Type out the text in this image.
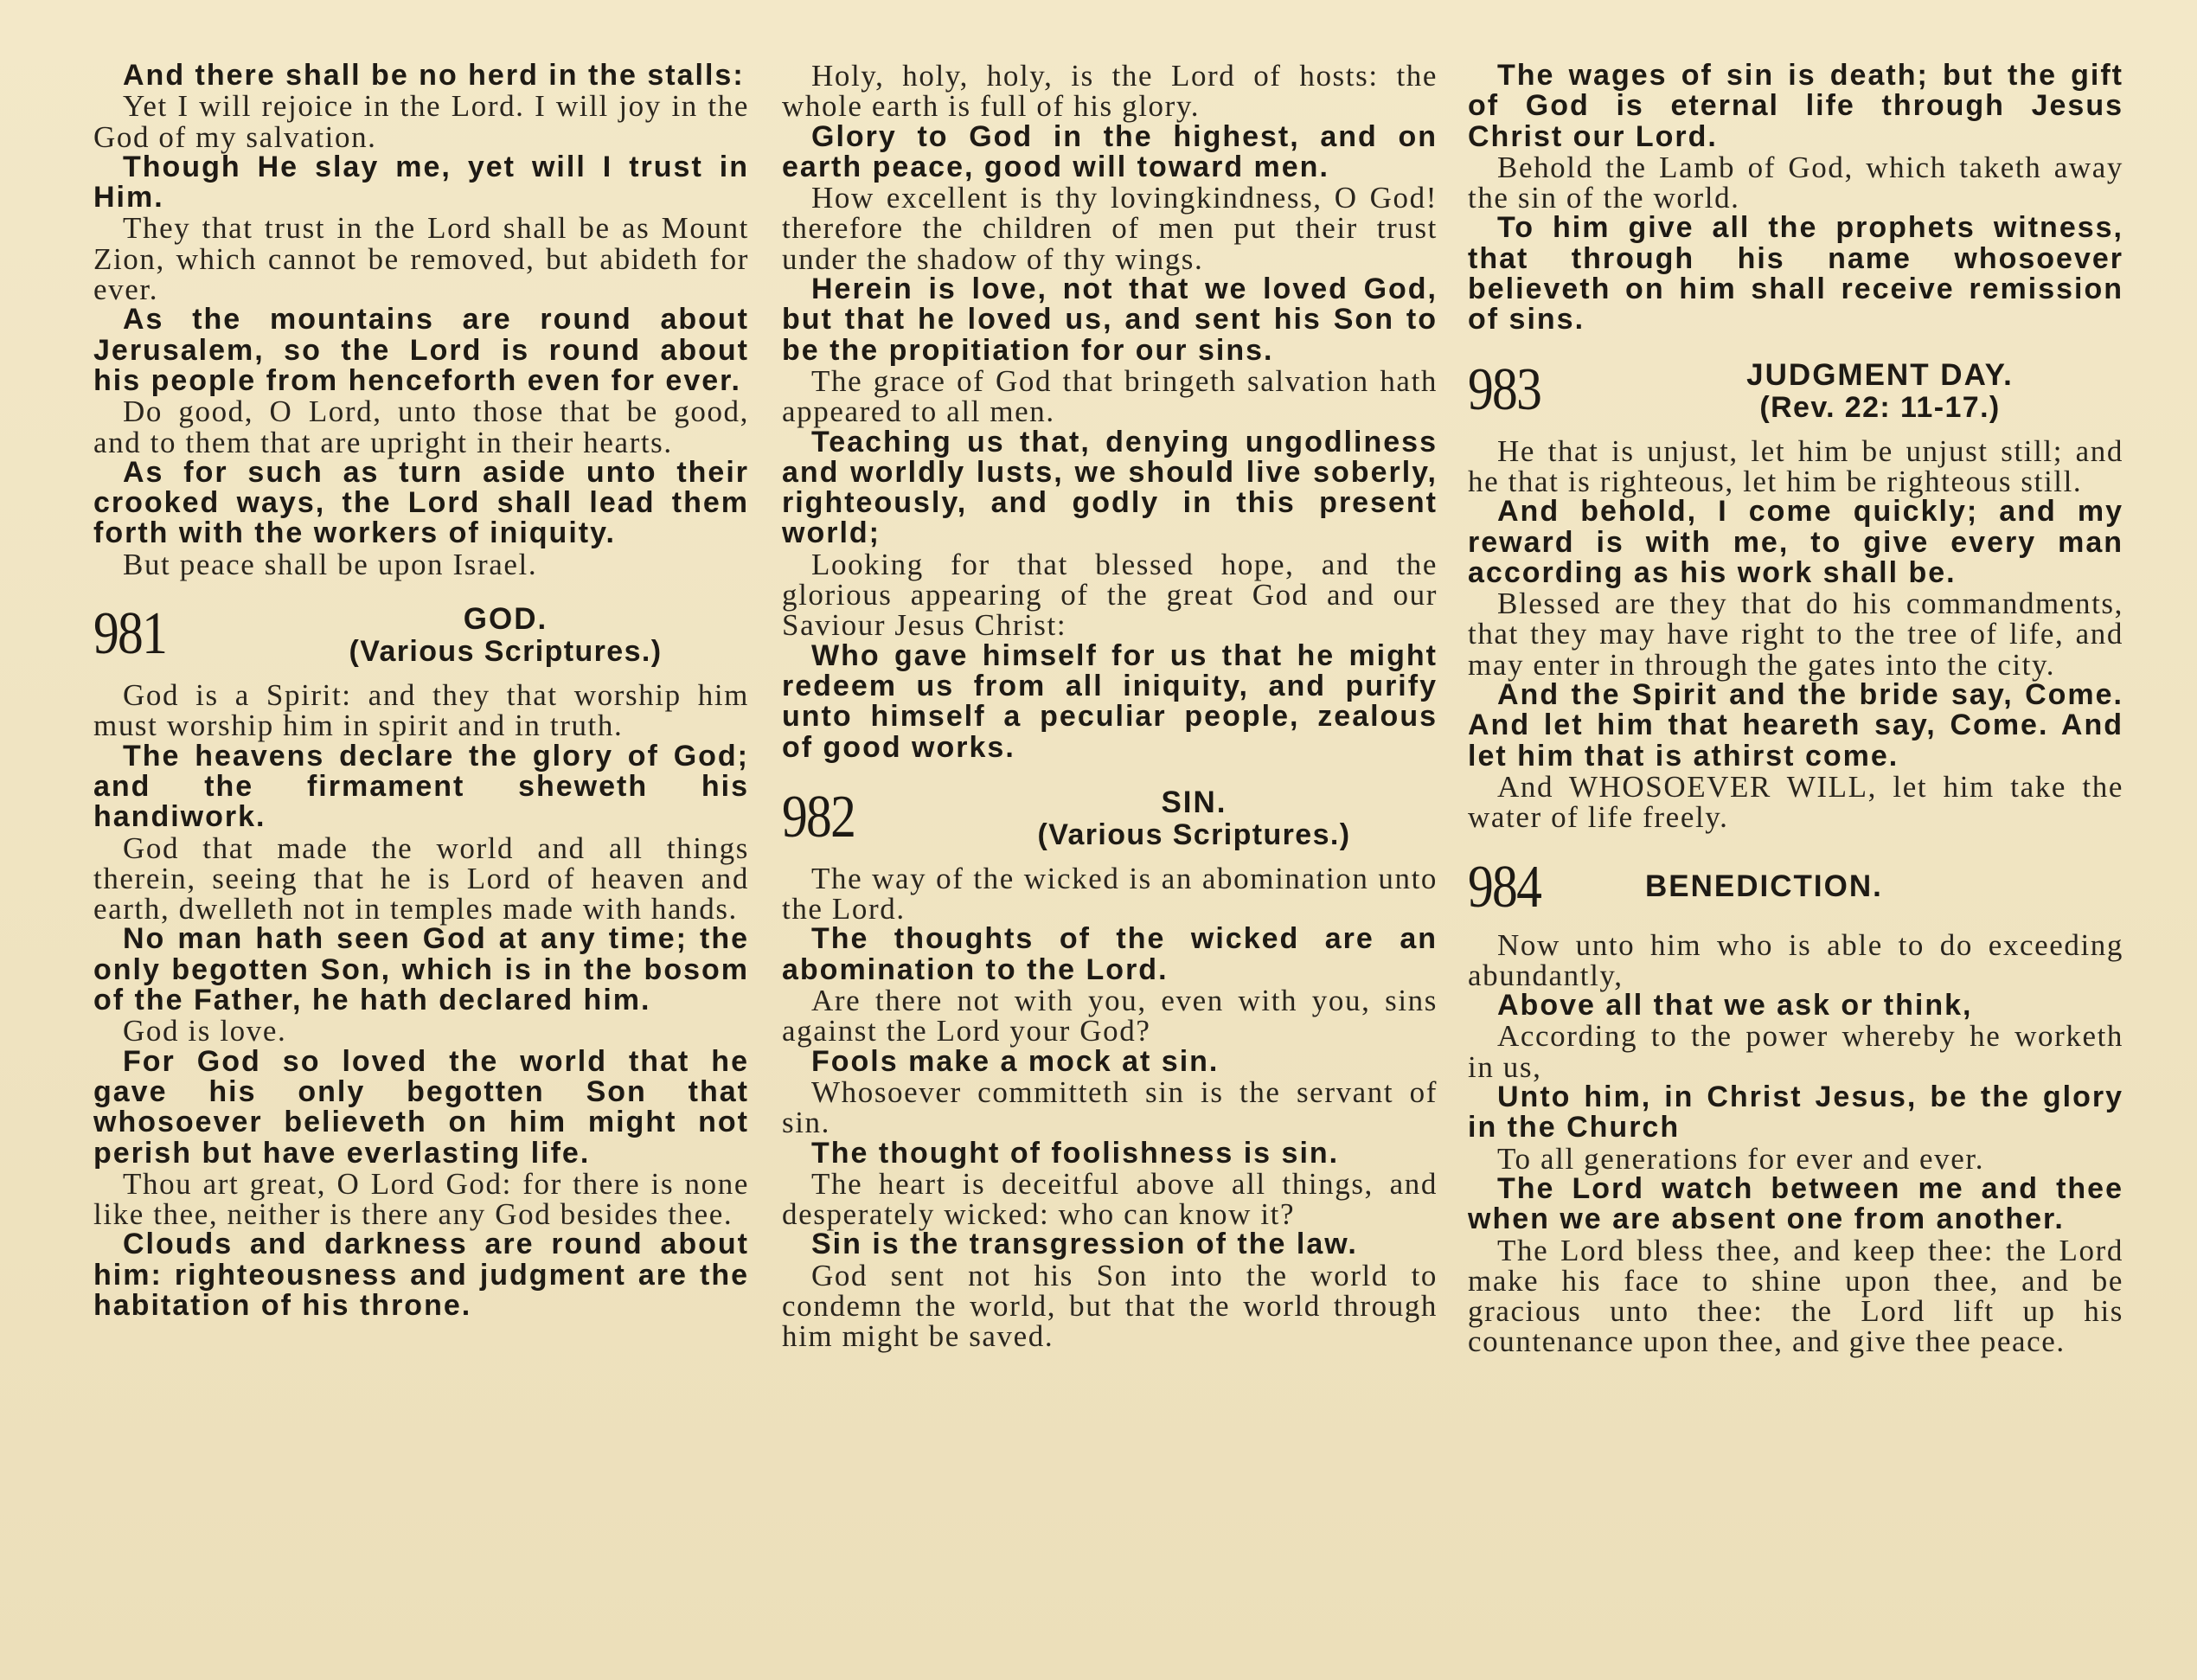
And there shall be no herd in the stalls:

Yet I will rejoice in the Lord. I will joy in the God of my salvation.

Though He slay me, yet will I trust in Him.

They that trust in the Lord shall be as Mount Zion, which cannot be removed, but abideth for ever.

As the mountains are round about Jerusalem, so the Lord is round about his people from henceforth even for ever.

Do good, O Lord, unto those that be good, and to them that are upright in their hearts.

As for such as turn aside unto their crooked ways, the Lord shall lead them forth with the workers of iniquity.

But peace shall be upon Israel.

981	GOD.
(Various Scriptures.)

God is a Spirit: and they that worship him must worship him in spirit and in truth.

The heavens declare the glory of God; and the firmament sheweth his handiwork.

God that made the world and all things therein, seeing that he is Lord of heaven and earth, dwelleth not in temples made with hands.

No man hath seen God at any time; the only begotten Son, which is in the bosom of the Father, he hath declared him.

God is love.

For God so loved the world that he gave his only begotten Son that whosoever believeth on him might not perish but have everlasting life.

Thou art great, O Lord God: for there is none like thee, neither is there any God besides thee.

Clouds and darkness are round about him: righteousness and judgment are the habitation of his throne.

Holy, holy, holy, is the Lord of hosts: the whole earth is full of his glory.

Glory to God in the highest, and on earth peace, good will toward men.

How excellent is thy lovingkindness, O God! therefore the children of men put their trust under the shadow of thy wings.

Herein is love, not that we loved God, but that he loved us, and sent his Son to be the propitiation for our sins.

The grace of God that bringeth salvation hath appeared to all men.

Teaching us that, denying ungodliness and worldly lusts, we should live soberly, righteously, and godly in this present world;

Looking for that blessed hope, and the glorious appearing of the great God and our Saviour Jesus Christ:

Who gave himself for us that he might redeem us from all iniquity, and purify unto himself a peculiar people, zealous of good works.

982	SIN.
(Various Scriptures.)

The way of the wicked is an abomination unto the Lord.

The thoughts of the wicked are an abomination to the Lord.

Are there not with you, even with you, sins against the Lord your God?

Fools make a mock at sin.

Whosoever committeth sin is the servant of sin.

The thought of foolishness is sin.

The heart is deceitful above all things, and desperately wicked: who can know it?

Sin is the transgression of the law.

God sent not his Son into the world to condemn the world, but that the world through him might be saved.

The wages of sin is death; but the gift of God is eternal life through Jesus Christ our Lord.

Behold the Lamb of God, which taketh away the sin of the world.

To him give all the prophets witness, that through his name whosoever believeth on him shall receive remission of sins.

983	JUDGMENT DAY.
(Rev. 22: 11-17.)

He that is unjust, let him be unjust still; and he that is righteous, let him be righteous still.

And behold, I come quickly; and my reward is with me, to give every man according as his work shall be.

Blessed are they that do his commandments, that they may have right to the tree of life, and may enter in through the gates into the city.

And the Spirit and the bride say, Come. And let him that heareth say, Come. And let him that is athirst come.

And WHOSOEVER WILL, let him take the water of life freely.

984	BENEDICTION.

Now unto him who is able to do exceeding abundantly,

Above all that we ask or think,

According to the power whereby he worketh in us,

Unto him, in Christ Jesus, be the glory in the Church

To all generations for ever and ever.

The Lord watch between me and thee when we are absent one from another.

The Lord bless thee, and keep thee: the Lord make his face to shine upon thee, and be gracious unto thee: the Lord lift up his countenance upon thee, and give thee peace.
